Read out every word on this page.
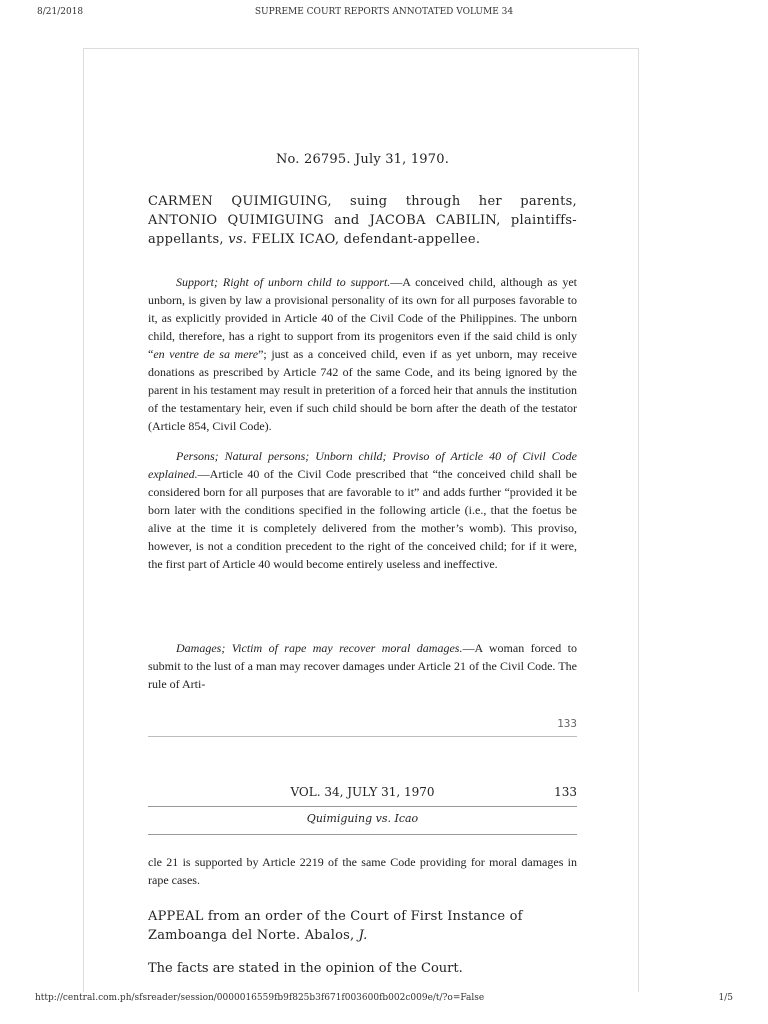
8/21/2018	SUPREME COURT REPORTS ANNOTATED VOLUME 34
No. 26795. July 31, 1970.
CARMEN QUIMIGUING, suing through her parents, ANTONIO QUIMIGUING and JACOBA CABILIN, plaintiffs-appellants, vs. FELIX ICAO, defendant-appellee.
Support; Right of unborn child to support.—A conceived child, although as yet unborn, is given by law a provisional personality of its own for all purposes favorable to it, as explicitly provided in Article 40 of the Civil Code of the Philippines. The unborn child, therefore, has a right to support from its progenitors even if the said child is only “en ventre de sa mere”; just as a conceived child, even if as yet unborn, may receive donations as prescribed by Article 742 of the same Code, and its being ignored by the parent in his testament may result in preterition of a forced heir that annuls the institution of the testamentary heir, even if such child should be born after the death of the testator (Article 854, Civil Code).
Persons; Natural persons; Unborn child; Proviso of Article 40 of Civil Code explained.—Article 40 of the Civil Code prescribed that “the conceived child shall be considered born for all purposes that are favorable to it” and adds further “provided it be born later with the conditions specified in the following article (i.e., that the foetus be alive at the time it is completely delivered from the mother’s womb). This proviso, however, is not a condition precedent to the right of the conceived child; for if it were, the first part of Article 40 would become entirely useless and ineffective.
Damages; Victim of rape may recover moral damages.—A woman forced to submit to the lust of a man may recover damages under Article 21 of the Civil Code. The rule of Arti-
133
VOL. 34, JULY 31, 1970	133
Quimiguing vs. Icao
cle 21 is supported by Article 2219 of the same Code providing for moral damages in rape cases.
APPEAL from an order of the Court of First Instance of Zamboanga del Norte. Abalos, J.
The facts are stated in the opinion of the Court.
http://central.com.ph/sfsreader/session/0000016559fb9f825b3f671f003600fb002c009e/t/?o=False	1/5
